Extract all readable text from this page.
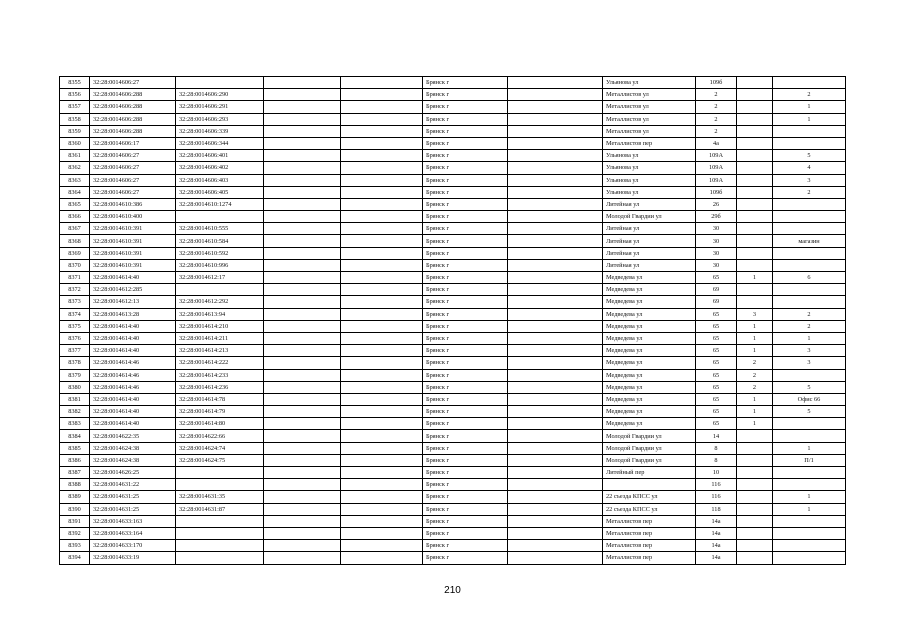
8355	32:28:0014606:27				Брянск г		Ульянова ул	109б		
8356	32:28:0014606:288	32:28:0014606:290			Брянск г		Металлистов ул	2		2
8357	32:28:0014606:288	32:28:0014606:291			Брянск г		Металлистов ул	2		1
8358	32:28:0014606:288	32:28:0014606:293			Брянск г		Металлистов ул	2		1
8359	32:28:0014606:288	32:28:0014606:339			Брянск г		Металлистов ул	2		
8360	32:28:0014606:17	32:28:0014606:344			Брянск г		Металлистов пер	4а		
8361	32:28:0014606:27	32:28:0014606:401			Брянск г		Ульянова ул	109А		5
8362	32:28:0014606:27	32:28:0014606:402			Брянск г		Ульянова ул	109А		4
8363	32:28:0014606:27	32:28:0014606:403			Брянск г		Ульянова ул	109А		3
8364	32:28:0014606:27	32:28:0014606:405			Брянск г		Ульянова ул	109б		2
8365	32:28:0014610:386	32:28:0014610:1274			Брянск г		Литейная ул	26		
8366	32:28:0014610:400				Брянск г		Молодой Гвардии ул	29б		
8367	32:28:0014610:391	32:28:0014610:555			Брянск г		Литейная ул	30		
8368	32:28:0014610:391	32:28:0014610:584			Брянск г		Литейная ул	30		магазин
8369	32:28:0014610:391	32:28:0014610:592			Брянск г		Литейная ул	30		
8370	32:28:0014610:391	32:28:0014610:996			Брянск г		Литейная ул	30		
8371	32:28:0014614:40	32:28:0014612:17			Брянск г		Медведева ул	65	1	6
8372	32:28:0014612:285				Брянск г		Медведева ул	69		
8373	32:28:0014612:13	32:28:0014612:292			Брянск г		Медведева ул	69		
8374	32:28:0014613:28	32:28:0014613:94			Брянск г		Медведева ул	65	3	2
8375	32:28:0014614:40	32:28:0014614:210			Брянск г		Медведева ул	65	1	2
8376	32:28:0014614:40	32:28:0014614:211			Брянск г		Медведева ул	65	1	1
8377	32:28:0014614:40	32:28:0014614:213			Брянск г		Медведева ул	65	1	3
8378	32:28:0014614:46	32:28:0014614:222			Брянск г		Медведева ул	65	2	3
8379	32:28:0014614:46	32:28:0014614:233			Брянск г		Медведева ул	65	2	
8380	32:28:0014614:46	32:28:0014614:236			Брянск г		Медведева ул	65	2	5
8381	32:28:0014614:40	32:28:0014614:78			Брянск г		Медведева ул	65	1	Офис 66
8382	32:28:0014614:40	32:28:0014614:79			Брянск г		Медведева ул	65	1	5
8383	32:28:0014614:40	32:28:0014614:80			Брянск г		Медведева ул	65	1	
8384	32:28:0014622:35	32:28:0014622:66			Брянск г		Молодой Гвардии ул	14		
8385	32:28:0014624:38	32:28:0014624:74			Брянск г		Молодой Гвардии ул	8		1
8386	32:28:0014624:38	32:28:0014624:75			Брянск г		Молодой Гвардии ул	8		П/1
8387	32:28:0014626:25				Брянск г		Литейный пер	10		
8388	32:28:0014631:22				Брянск г			116		
8389	32:28:0014631:25	32:28:0014631:35			Брянск г		22 съезда КПСС ул	116		1
8390	32:28:0014631:25	32:28:0014631:87			Брянск г		22 съезда КПСС ул	118		1
8391	32:28:0014633:163				Брянск г		Металлистов пер	14а		
8392	32:28:0014633:164				Брянск г		Металлистов пер	14а		
8393	32:28:0014633:170				Брянск г		Металлистов пер	14а		
8394	32:28:0014633:19				Брянск г		Металлистов пер	14а		
210
